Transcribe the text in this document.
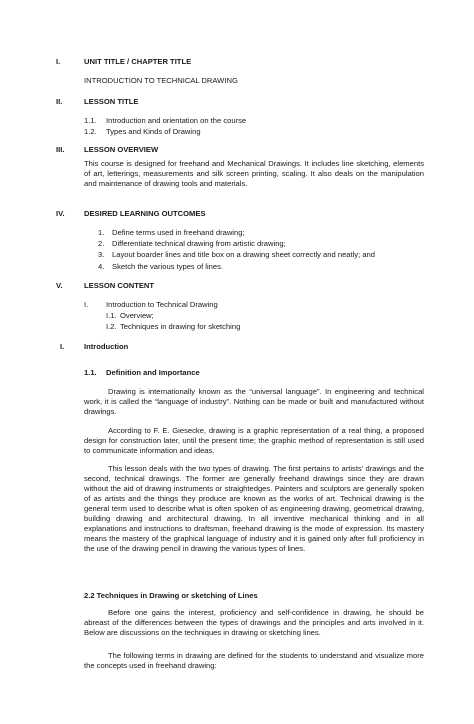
I.	UNIT TITLE / CHAPTER TITLE
INTRODUCTION TO TECHNICAL DRAWING
II.	LESSON TITLE
1.1. Introduction and orientation on the course
1.2. Types and Kinds of Drawing
III.	LESSON OVERVIEW
This course is designed for freehand and Mechanical Drawings. It includes line sketching, elements of art, letterings, measurements and silk screen printing, scaling. It also deals on the manipulation and maintenance of drawing tools and materials.
IV.	DESIRED LEARNING OUTCOMES
1. Define terms used in freehand drawing;
2. Differentiate technical drawing from artistic drawing;
3. Layout boarder lines and title box on a drawing sheet correctly and neatly; and
4. Sketch the various types of lines.
V.	LESSON CONTENT
I. Introduction to Technical Drawing
I.1. Overview;
I.2. Techniques in drawing for sketching
I.	Introduction
1.1. Definition and Importance
Drawing is internationally known as the “universal language”. In engineering and technical work, it is called the “language of industry”. Nothing can be made or built and manufactured without drawings.
According to F. E. Giesecke, drawing is a graphic representation of a real thing, a proposed design for construction later, until the present time; the graphic method of representation is still used to communicate information and ideas.
This lesson deals with the two types of drawing. The first pertains to artists’ drawings and the second, technical drawings. The former are generally freehand drawings since they are drawn without the aid of drawing instruments or straightedges. Painters and sculptors are generally spoken of as artists and the things they produce are known as the works of art. Technical drawing is the general term used to describe what is often spoken of as engineering drawing, geometrical drawing, building drawing and architectural drawing. In all inventive mechanical thinking and in all explanations and instructions to draftsman, freehand drawing is the mode of expression. Its mastery means the mastery of the graphical language of industry and it is gained only after full proficiency in the use of the drawing pencil in drawing the various types of lines.
2.2 Techniques in Drawing or sketching of Lines
Before one gains the interest, proficiency and self-confidence in drawing, he should be abreast of the differences between the types of drawings and the principles and arts involved in it. Below are discussions on the techniques in drawing or sketching lines.
The following terms in drawing are defined for the students to understand and visualize more the concepts used in freehand drawing:
